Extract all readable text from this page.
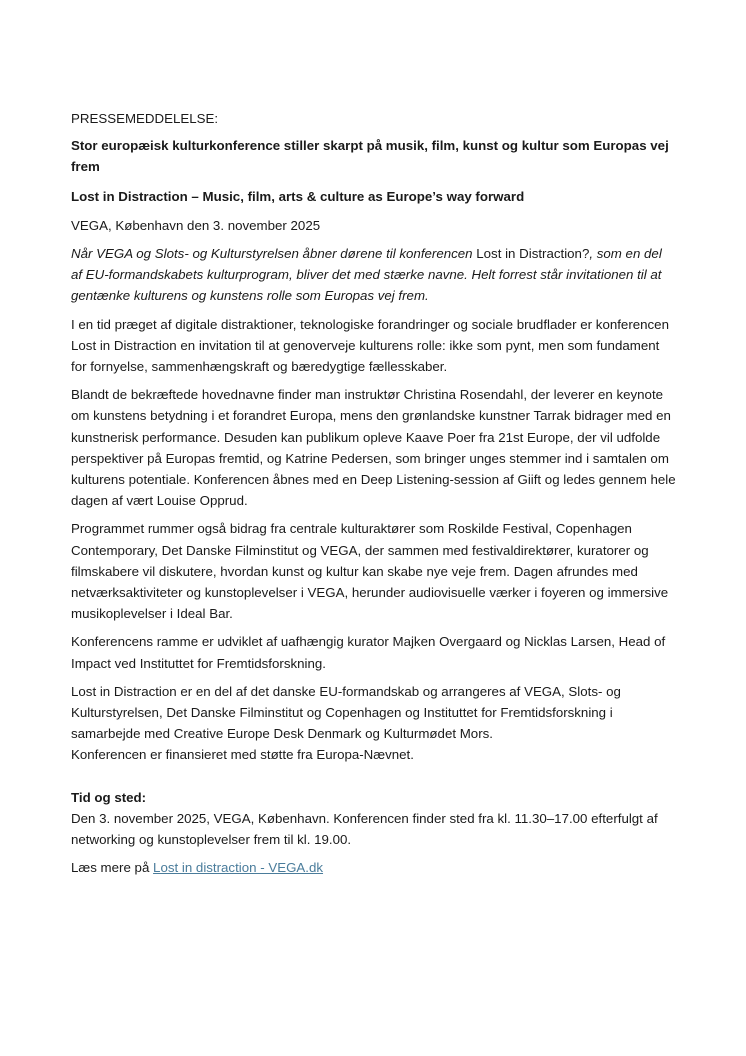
PRESSEMEDDELELSE:

Stor europæisk kulturkonference stiller skarpt på musik, film, kunst og kultur som Europas vej frem

Lost in Distraction – Music, film, arts & culture as Europe’s way forward

VEGA, København den 3. november 2025

Når VEGA og Slots- og Kulturstyrelsen åbner dørene til konferencen Lost in Distraction?, som en del af EU-formandskabets kulturprogram, bliver det med stærke navne. Helt forrest står invitationen til at gentænke kulturens og kunstens rolle som Europas vej frem.

I en tid præget af digitale distraktioner, teknologiske forandringer og sociale brudflader er konferencen Lost in Distraction en invitation til at genoverveje kulturens rolle: ikke som pynt, men som fundament for fornyelse, sammenhængskraft og bæredygtige fællesskaber.

Blandt de bekræftede hovednavne finder man instruktør Christina Rosendahl, der leverer en keynote om kunstens betydning i et forandret Europa, mens den grønlandske kunstner Tarrak bidrager med en kunstnerisk performance. Desuden kan publikum opleve Kaave Poer fra 21st Europe, der vil udfolde perspektiver på Europas fremtid, og Katrine Pedersen, som bringer unges stemmer ind i samtalen om kulturens potentiale. Konferencen åbnes med en Deep Listening-session af Giift og ledes gennem hele dagen af vært Louise Opprud.

Programmet rummer også bidrag fra centrale kulturaktører som Roskilde Festival, Copenhagen Contemporary, Det Danske Filminstitut og VEGA, der sammen med festivaldirektører, kuratorer og filmskabere vil diskutere, hvordan kunst og kultur kan skabe nye veje frem. Dagen afrundes med netværksaktiviteter og kunstoplevelser i VEGA, herunder audiovisuelle værker i foyeren og immersive musikoplevelser i Ideal Bar.

Konferencens ramme er udviklet af uafhængig kurator Majken Overgaard og Nicklas Larsen, Head of Impact ved Instituttet for Fremtidsforskning.

Lost in Distraction er en del af det danske EU-formandskab og arrangeres af VEGA, Slots- og Kulturstyrelsen, Det Danske Filminstitut og Copenhagen og Instituttet for Fremtidsforskning i samarbejde med Creative Europe Desk Denmark og Kulturmødet Mors.

Konferencen er finansieret med støtte fra Europa-Nævnet.

Tid og sted:

Den 3. november 2025, VEGA, København. Konferencen finder sted fra kl. 11.30–17.00 efterfulgt af networking og kunstoplevelser frem til kl. 19.00.

Læs mere på Lost in distraction - VEGA.dk
